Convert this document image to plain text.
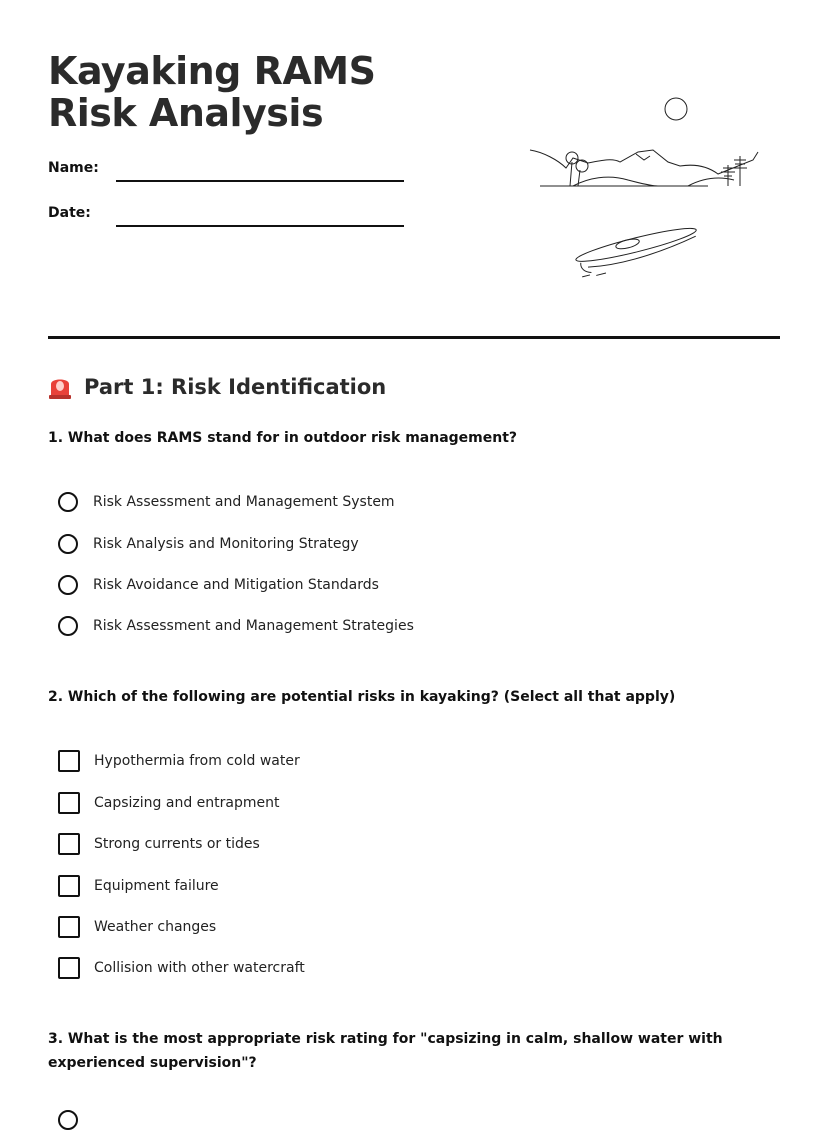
Kayaking RAMS Risk Analysis
Name:
Date:
Part 1: Risk Identification

1. What does RAMS stand for in outdoor risk management?

Risk Assessment and Management System
Risk Analysis and Monitoring Strategy
Risk Avoidance and Mitigation Standards
Risk Assessment and Management Strategies

2. Which of the following are potential risks in kayaking? (Select all that apply)

Hypothermia from cold water
Capsizing and entrapment
Strong currents or tides
Equipment failure
Weather changes
Collision with other watercraft

3. What is the most appropriate risk rating for "capsizing in calm, shallow water with experienced supervision"?
